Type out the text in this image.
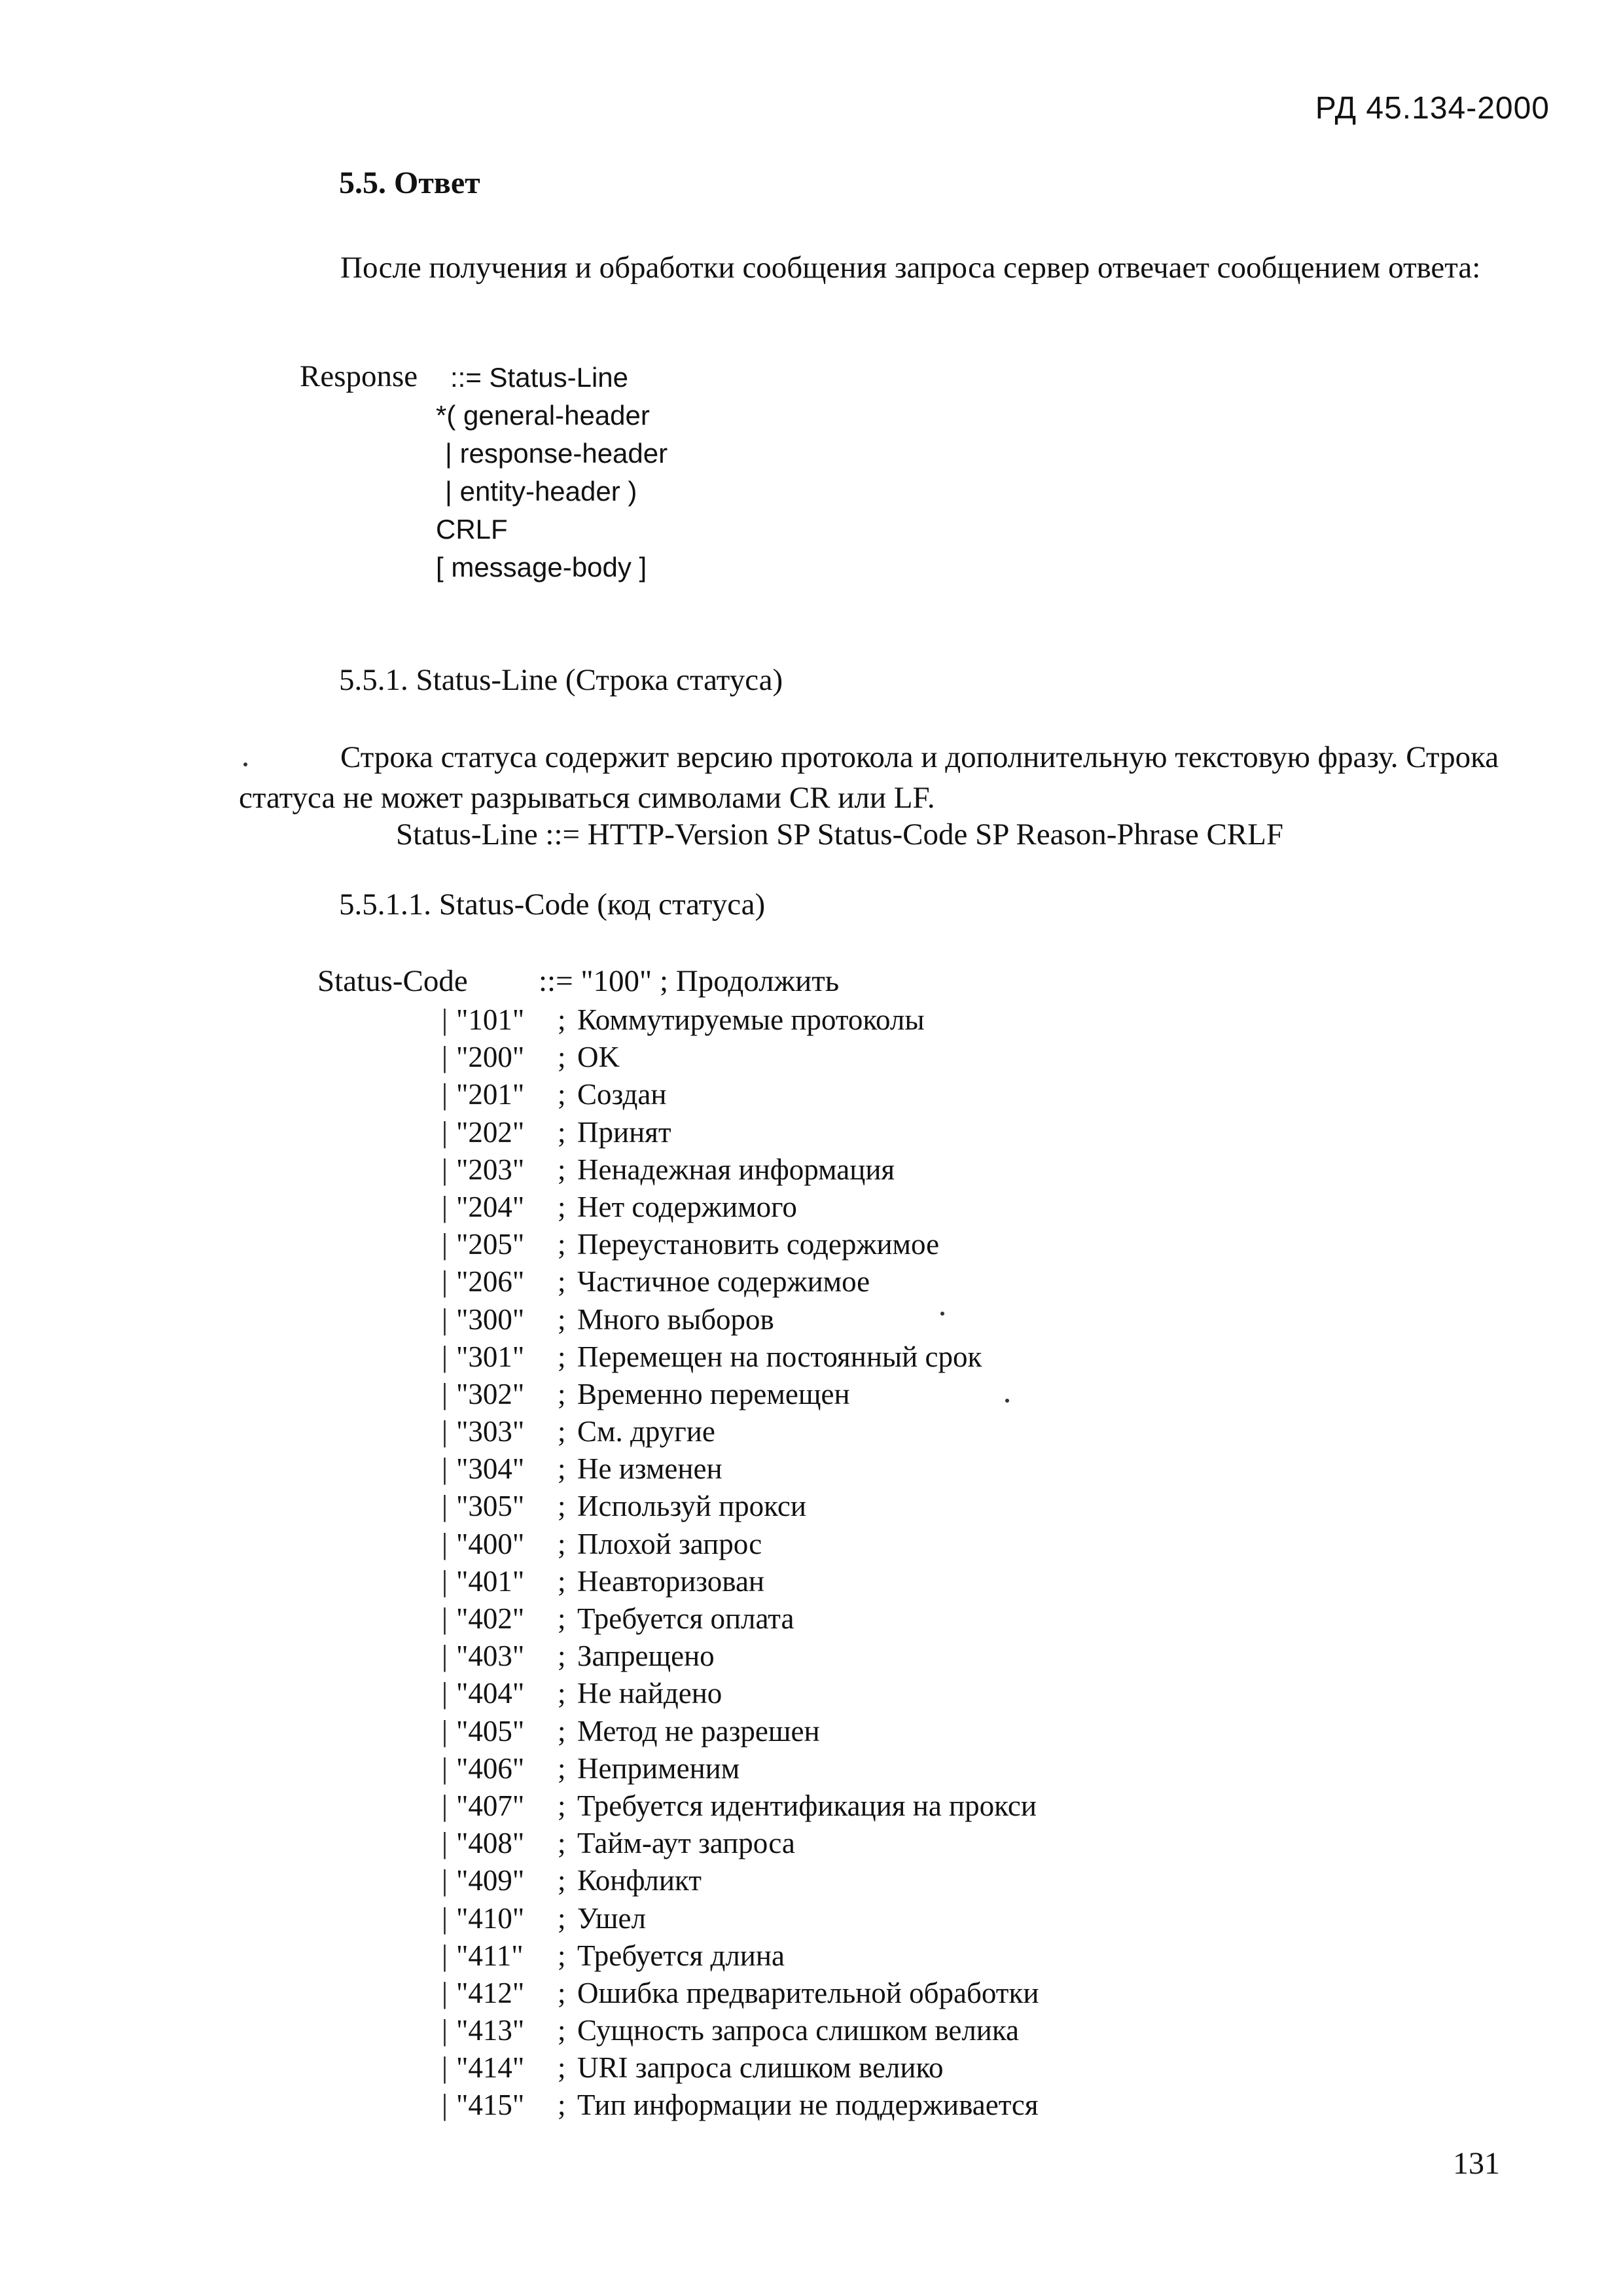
РД 45.134-2000
5.5. Ответ
После получения и обработки сообщения запроса сервер отвечает сообщением ответа:
Response ::= Status-Line
*( general-header
| response-header
| entity-header )
CRLF
[ message-body ]
5.5.1. Status-Line (Строка статуса)
Строка статуса содержит версию протокола и дополнительную текстовую фразу. Строка статуса не может разрываться символами CR или LF.
Status-Line ::= HTTP-Version SP Status-Code SP Reason-Phrase CRLF
5.5.1.1. Status-Code (код статуса)
Status-Code ::= "100" ; Продолжить
| "101" ; Коммутируемые протоколы
| "200" ; OK
| "201" ; Создан
| "202" ; Принят
| "203" ; Ненадежная информация
| "204" ; Нет содержимого
| "205" ; Переустановить содержимое
| "206" ; Частичное содержимое
| "300" ; Много выборов
| "301" ; Перемещен на постоянный срок
| "302" ; Временно перемещен
| "303" ; См. другие
| "304" ; Не изменен
| "305" ; Используй прокси
| "400" ; Плохой запрос
| "401" ; Неавторизован
| "402" ; Требуется оплата
| "403" ; Запрещено
| "404" ; Не найдено
| "405" ; Метод не разрешен
| "406" ; Неприменим
| "407" ; Требуется идентификация на прокси
| "408" ; Тайм-аут запроса
| "409" ; Конфликт
| "410" ; Ушел
| "411" ; Требуется длина
| "412" ; Ошибка предварительной обработки
| "413" ; Сущность запроса слишком велика
| "414" ; URI запроса слишком велико
| "415" ; Тип информации не поддерживается
131
